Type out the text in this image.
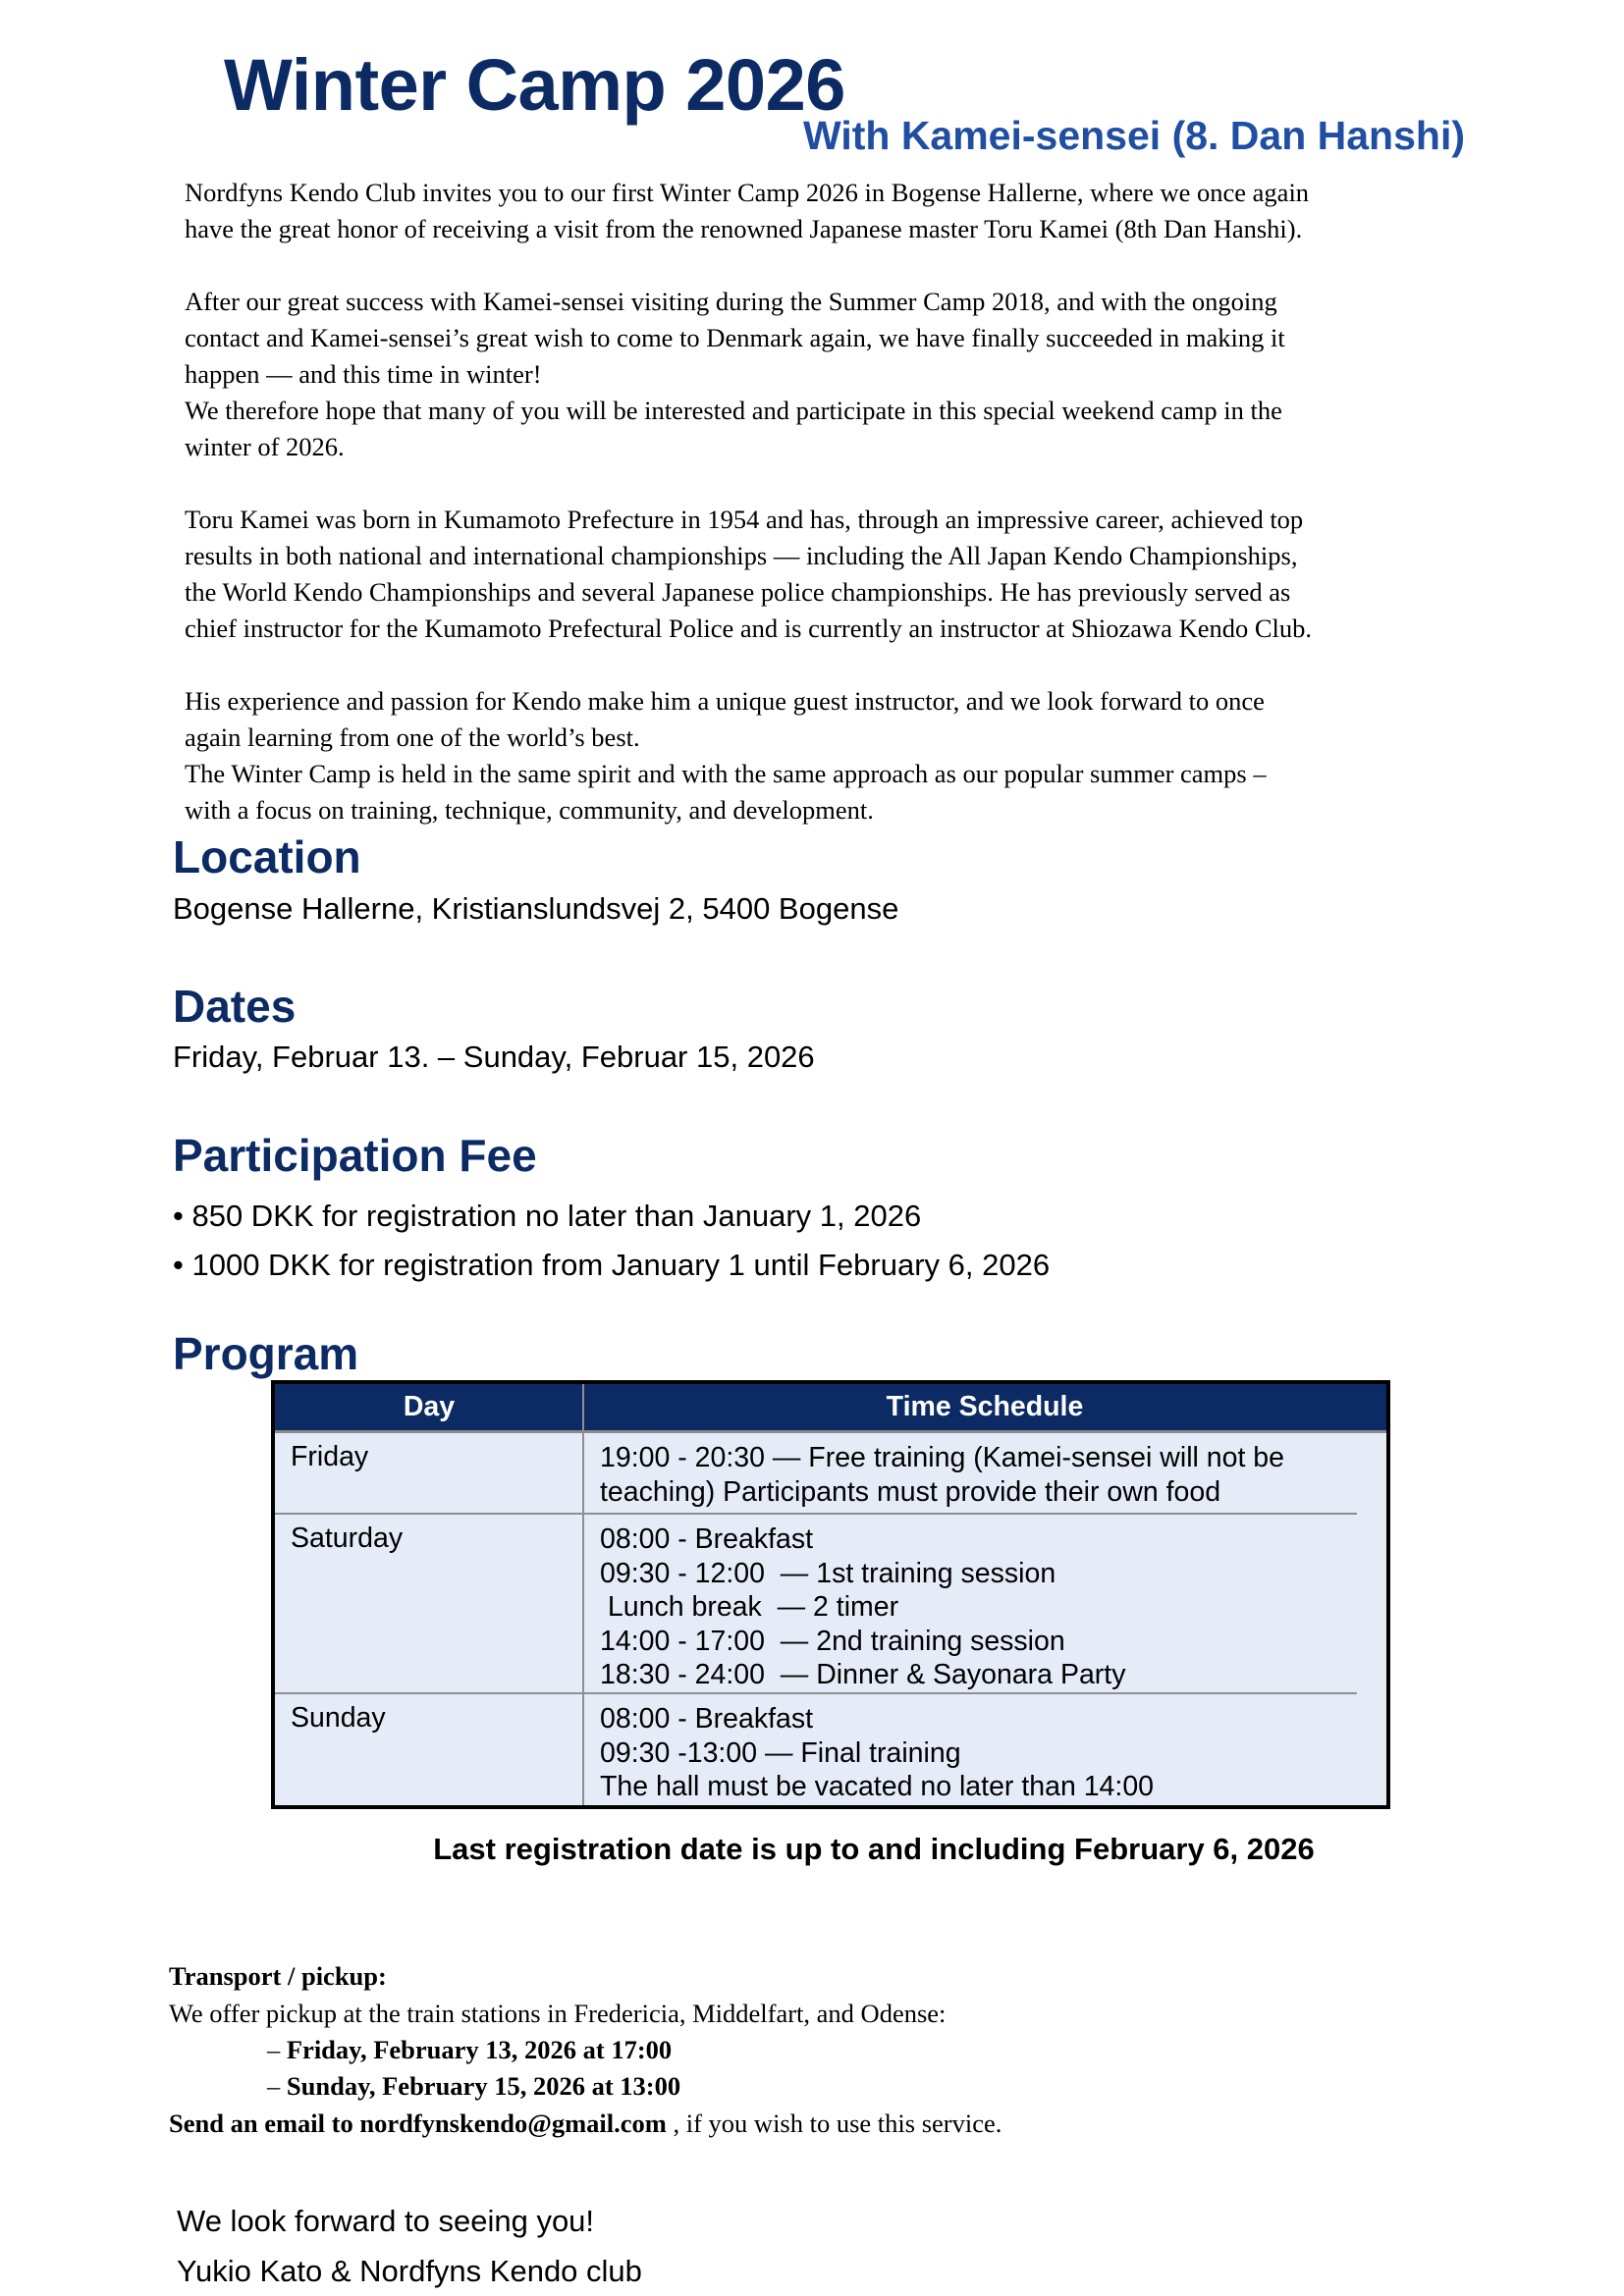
Winter Camp 2026
With Kamei-sensei (8. Dan Hanshi)

Nordfyns Kendo Club invites you to our first Winter Camp 2026 in Bogense Hallerne, where we once again

have the great honor of receiving a visit from the renowned Japanese master Toru Kamei (8th Dan Hanshi).

After our great success with Kamei-sensei visiting during the Summer Camp 2018, and with the ongoing

contact and Kamei-sensei’s great wish to come to Denmark again, we have finally succeeded in making it

happen — and this time in winter!

We therefore hope that many of you will be interested and participate in this special weekend camp in the

winter of 2026.

Toru Kamei was born in Kumamoto Prefecture in 1954 and has, through an impressive career, achieved top

results in both national and international championships — including the All Japan Kendo Championships,

the World Kendo Championships and several Japanese police championships. He has previously served as

chief instructor for the Kumamoto Prefectural Police and is currently an instructor at Shiozawa Kendo Club.

His experience and passion for Kendo make him a unique guest instructor, and we look forward to once

again learning from one of the world’s best.

The Winter Camp is held in the same spirit and with the same approach as our popular summer camps –

with a focus on training, technique, community, and development.

Location
Bogense Hallerne, Kristianslundsvej 2, 5400 Bogense
Dates
Friday, Februar 13. – Sunday, Februar 15, 2026
Participation Fee
• 850 DKK for registration no later than January 1, 2026
• 1000 DKK for registration from January 1 until February 6, 2026
Program
Day	Time Schedule
Friday	19:00 - 20:30 — Free training (Kamei-sensei will not be
teaching) Participants must provide their own food
Saturday	08:00 - Breakfast
09:30 - 12:00  — 1st training session
Lunch break  — 2 timer
14:00 - 17:00  — 2nd training session
18:30 - 24:00  — Dinner & Sayonara Party
Sunday	08:00 - Breakfast
09:30 -13:00 — Final training
The hall must be vacated no later than 14:00
Last registration date is up to and including February 6, 2026
Transport / pickup:
We offer pickup at the train stations in Fredericia, Middelfart, and Odense:
– Friday, February 13, 2026 at 17:00
– Sunday, February 15, 2026 at 13:00
Send an email to nordfynskendo@gmail.com , if you wish to use this service.
We look forward to seeing you!
Yukio Kato & Nordfyns Kendo club
